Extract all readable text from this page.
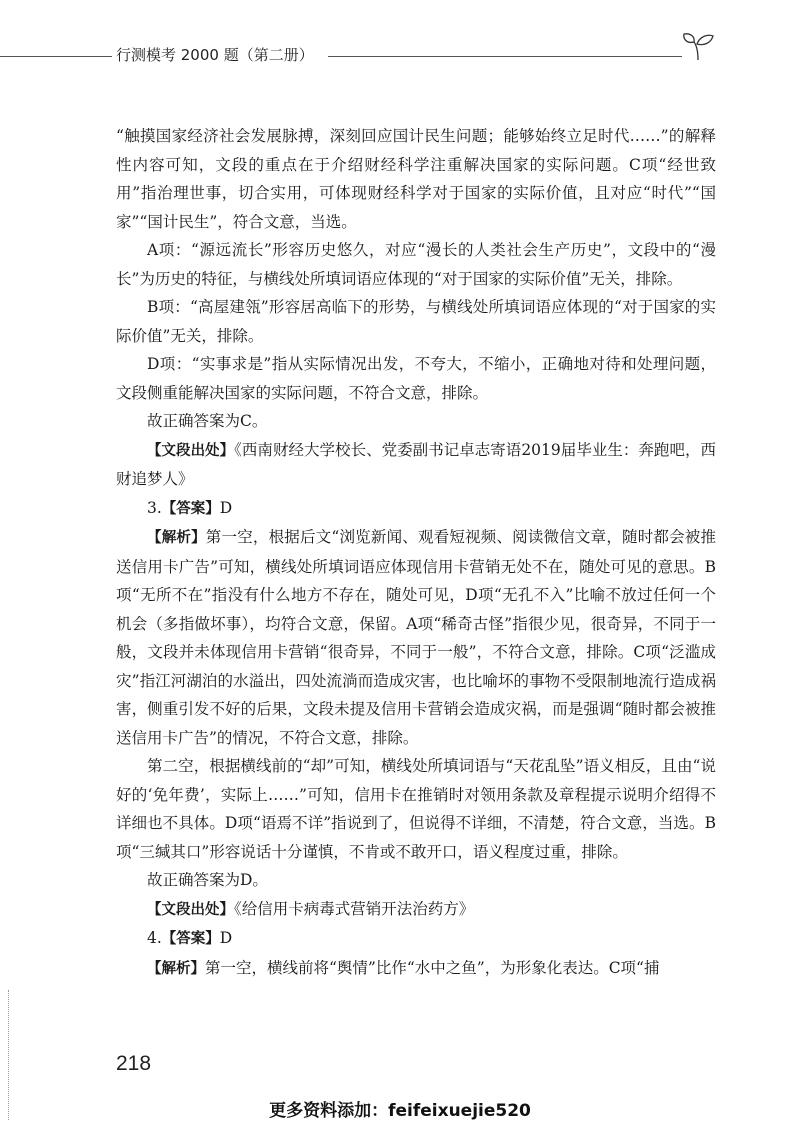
行测模考 2000 题（第二册）

“触摸国家经济社会发展脉搏，深刻回应国计民生问题；能够始终立足时代……”的解释性内容可知，文段的重点在于介绍财经科学注重解决国家的实际问题。C项“经世致用”指治理世事，切合实用，可体现财经科学对于国家的实际价值，且对应“时代”“国家”“国计民生”，符合文意，当选。

A项：“源远流长”形容历史悠久，对应“漫长的人类社会生产历史”，文段中的“漫长”为历史的特征，与横线处所填词语应体现的“对于国家的实际价值”无关，排除。

B项：“高屋建瓴”形容居高临下的形势，与横线处所填词语应体现的“对于国家的实际价值”无关，排除。

D项：“实事求是”指从实际情况出发，不夸大，不缩小，正确地对待和处理问题，文段侧重能解决国家的实际问题，不符合文意，排除。

故正确答案为C。

【文段出处】《西南财经大学校长、党委副书记卓志寄语2019届毕业生：奔跑吧，西财追梦人》

3.【答案】D

【解析】第一空，根据后文“浏览新闻、观看短视频、阅读微信文章，随时都会被推送信用卡广告”可知，横线处所填词语应体现信用卡营销无处不在，随处可见的意思。B项“无所不在”指没有什么地方不存在，随处可见，D项“无孔不入”比喻不放过任何一个机会（多指做坏事），均符合文意，保留。A项“稀奇古怪”指很少见，很奇异，不同于一般，文段并未体现信用卡营销“很奇异，不同于一般”，不符合文意，排除。C项“泛滥成灾”指江河湖泊的水溢出，四处流淌而造成灾害，也比喻坏的事物不受限制地流行造成祸害，侧重引发不好的后果，文段未提及信用卡营销会造成灾祸，而是强调“随时都会被推送信用卡广告”的情况，不符合文意，排除。

第二空，根据横线前的“却”可知，横线处所填词语与“天花乱坠”语义相反，且由“说好的‘免年费’，实际上……”可知，信用卡在推销时对领用条款及章程提示说明介绍得不详细也不具体。D项“语焉不详”指说到了，但说得不详细，不清楚，符合文意，当选。B项“三缄其口”形容说话十分谨慎，不肯或不敢开口，语义程度过重，排除。

故正确答案为D。

【文段出处】《给信用卡病毒式营销开法治药方》

4.【答案】D

【解析】第一空，横线前将“舆情”比作“水中之鱼”，为形象化表达。C项“捕

218
更多资料添加：feifeixuejie520
